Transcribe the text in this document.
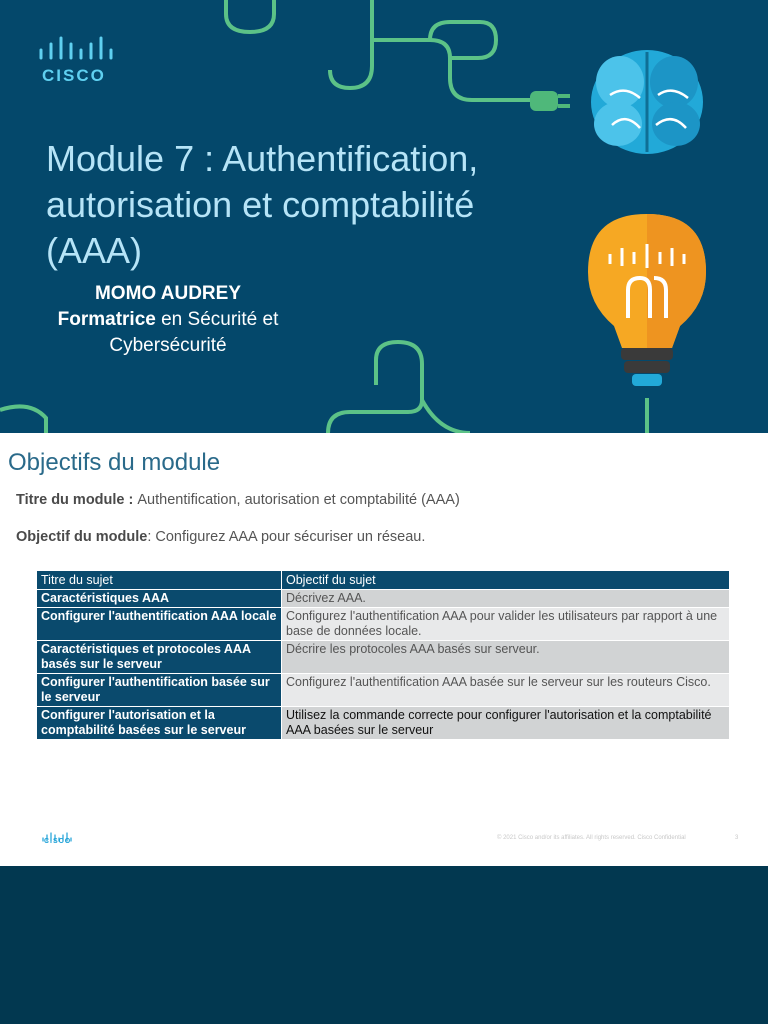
CISCO
Module 7 : Authentification,
autorisation et comptabilité
(AAA)
MOMO AUDREY
Formatrice en Sécurité et
Cybersécurité
Objectifs du module
Titre du module : Authentification, autorisation et comptabilité (AAA)
Objectif du module: Configurez AAA pour sécuriser un réseau.
Titre du sujet	Objectif du sujet
Caractéristiques AAA	Décrivez AAA.
Configurer l'authentification AAA locale	Configurez l'authentification AAA pour valider les utilisateurs par rapport à une base de données locale.
Caractéristiques et protocoles AAA basés sur le serveur	Décrire les protocoles AAA basés sur serveur.
Configurer l'authentification basée sur le serveur	Configurez l'authentification AAA basée sur le serveur sur les routeurs Cisco.
Configurer l'autorisation et la comptabilité basées sur le serveur	Utilisez la commande correcte pour configurer l'autorisation et la comptabilité AAA basées sur le serveur
CISCO	© 2021 Cisco and/or its affiliates. All rights reserved. Cisco Confidential	3
